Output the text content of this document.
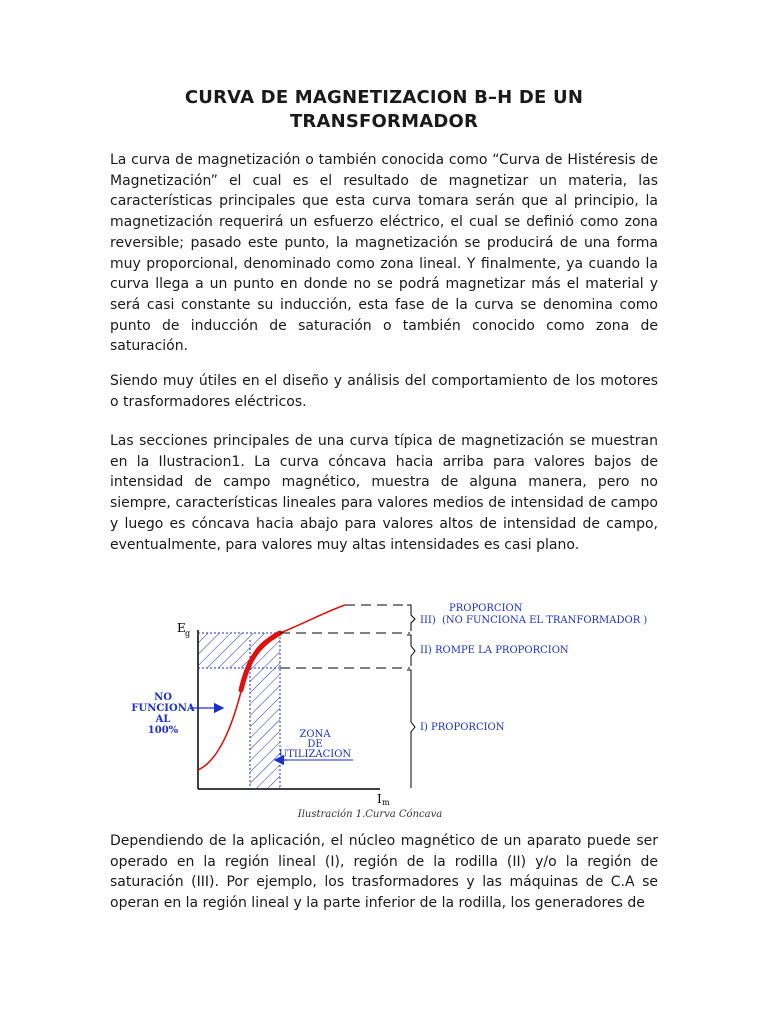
CURVA DE MAGNETIZACION B–H DE UN TRANSFORMADOR

La curva de magnetización o también conocida como “Curva de Histéresis de Magnetización” el cual es el resultado de magnetizar un materia, las características principales que esta curva tomara serán que al principio, la magnetización requerirá un esfuerzo eléctrico, el cual se definió como zona reversible; pasado este punto, la magnetización se producirá de una forma muy proporcional, denominado como zona lineal. Y finalmente, ya cuando la curva llega a un punto en donde no se podrá magnetizar más el material y será casi constante su inducción, esta fase de la curva se denomina como punto de inducción de saturación o también conocido como zona de saturación.

Siendo muy útiles en el diseño y análisis del comportamiento de los motores o trasformadores eléctricos.

Las secciones principales de una curva típica de magnetización se muestran en la Ilustracion1. La curva cóncava hacia arriba para valores bajos de intensidad de campo magnético, muestra de alguna manera, pero no siempre, características lineales para valores medios de intensidad de campo y luego es cóncava hacia abajo para valores altos de intensidad de campo, eventualmente, para valores muy altas intensidades es casi plano.

E g
I m
III)
PROPORCION
(NO FUNCIONA EL TRANFORMADOR )
II) ROMPE LA PROPORCION
I) PROPORCION
NO
FUNCIONA
AL
100%	ZONA
DE
UTILIZACION
Ilustración 1.Curva Cóncava

Dependiendo de la aplicación, el núcleo magnético de un aparato puede ser operado en la región lineal (I), región de la rodilla (II) y/o la región de saturación (III). Por ejemplo, los trasformadores y las máquinas de C.A se operan en la región lineal y la parte inferior de la rodilla, los generadores de
